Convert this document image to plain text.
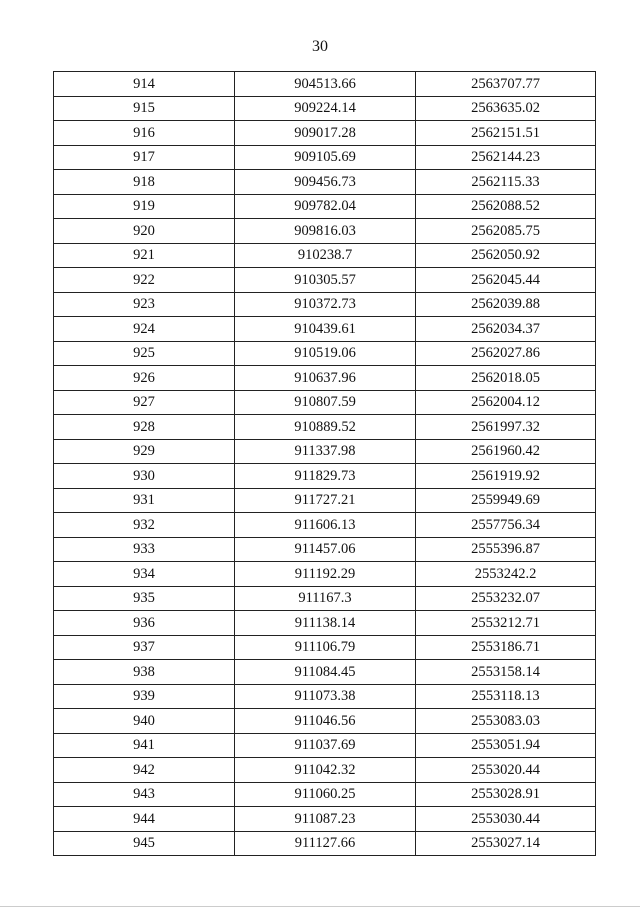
30
914	904513.66	2563707.77
915	909224.14	2563635.02
916	909017.28	2562151.51
917	909105.69	2562144.23
918	909456.73	2562115.33
919	909782.04	2562088.52
920	909816.03	2562085.75
921	910238.7	2562050.92
922	910305.57	2562045.44
923	910372.73	2562039.88
924	910439.61	2562034.37
925	910519.06	2562027.86
926	910637.96	2562018.05
927	910807.59	2562004.12
928	910889.52	2561997.32
929	911337.98	2561960.42
930	911829.73	2561919.92
931	911727.21	2559949.69
932	911606.13	2557756.34
933	911457.06	2555396.87
934	911192.29	2553242.2
935	911167.3	2553232.07
936	911138.14	2553212.71
937	911106.79	2553186.71
938	911084.45	2553158.14
939	911073.38	2553118.13
940	911046.56	2553083.03
941	911037.69	2553051.94
942	911042.32	2553020.44
943	911060.25	2553028.91
944	911087.23	2553030.44
945	911127.66	2553027.14
